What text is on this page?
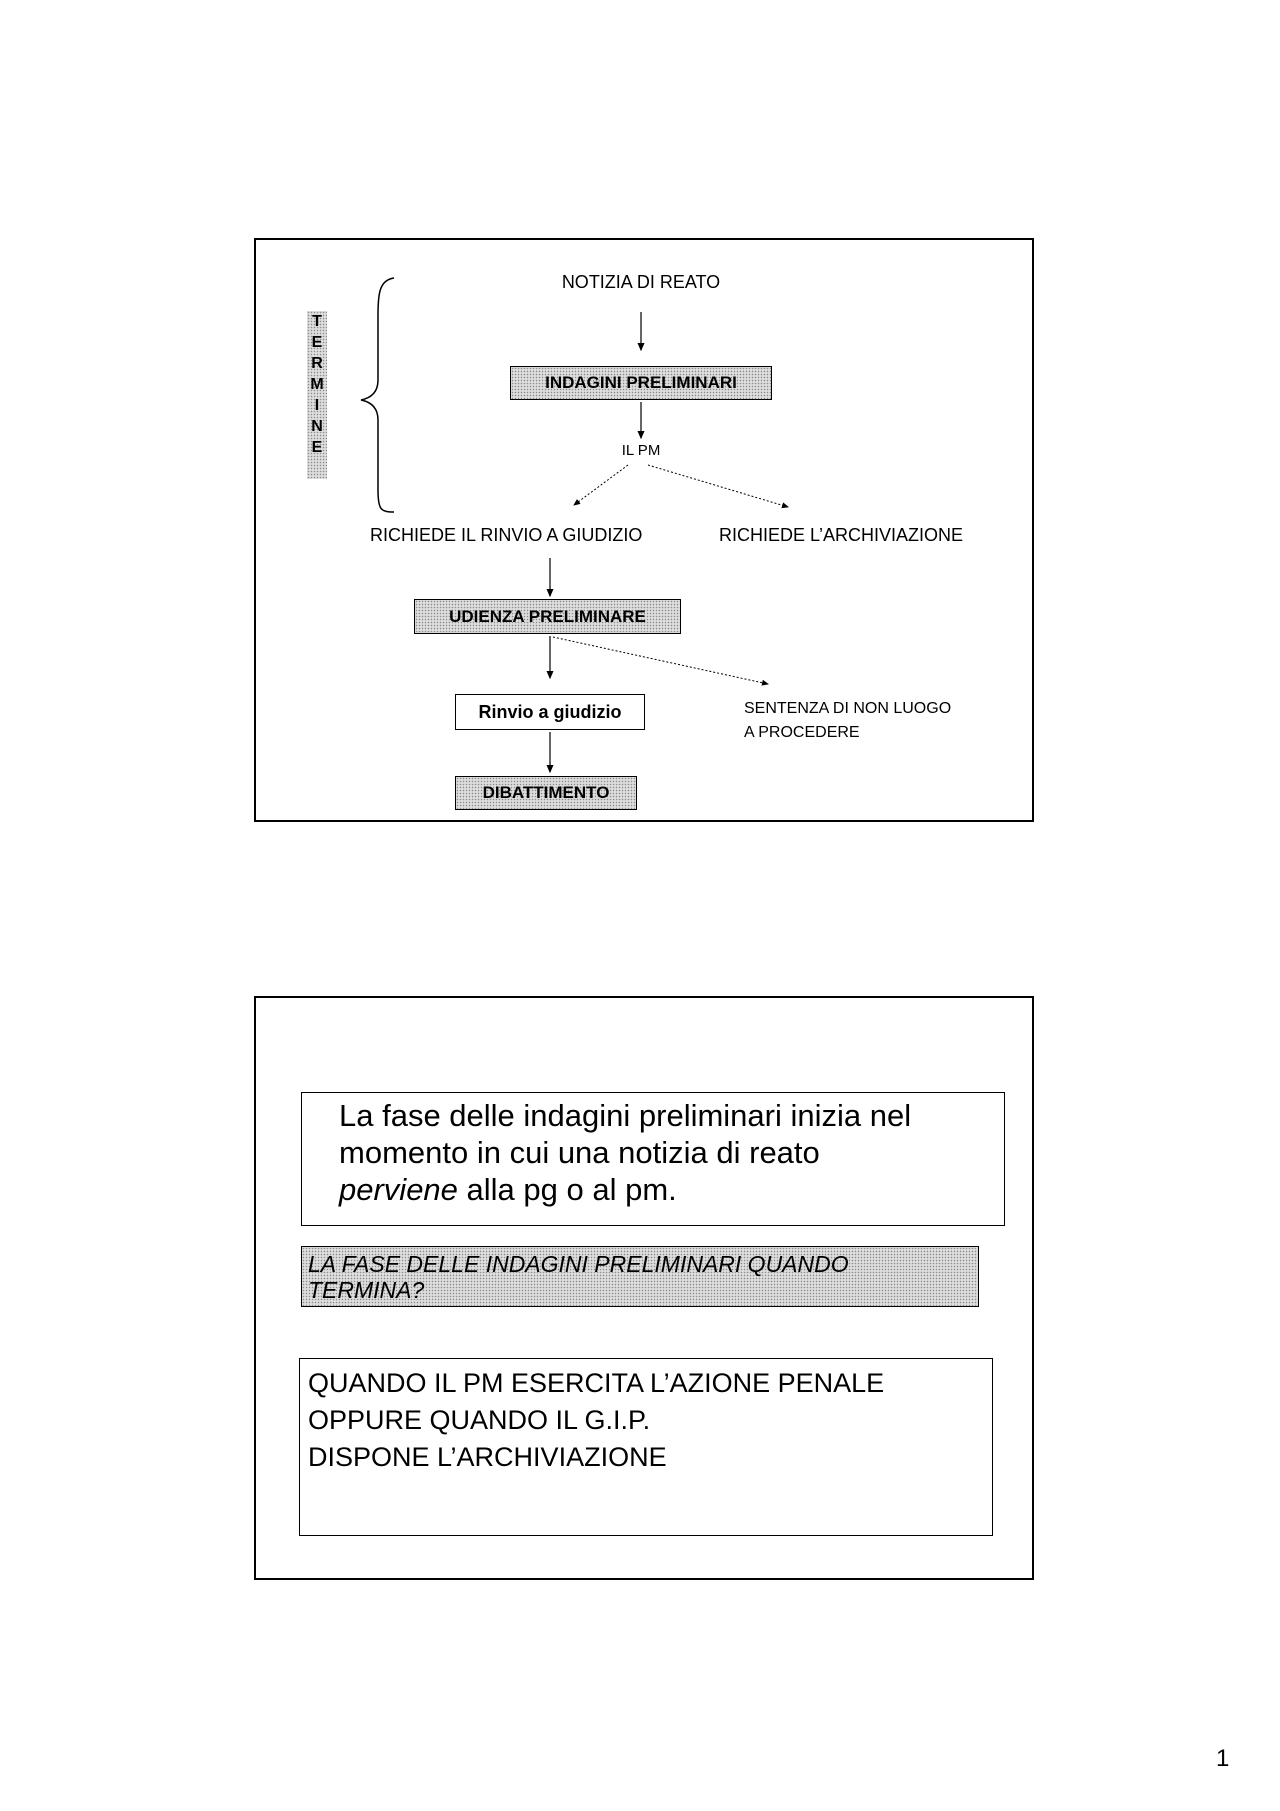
T
E
R
M
I
N
E
NOTIZIA DI REATO
INDAGINI PRELIMINARI
IL PM
RICHIEDE IL RINVIO A GIUDIZIO	RICHIEDE L’ARCHIVIAZIONE
UDIENZA PRELIMINARE
Rinvio a giudizio	SENTENZA DI NON LUOGO
A PROCEDERE
DIBATTIMENTO
La fase delle indagini preliminari inizia nel
momento in cui una notizia di reato
perviene alla pg o al pm.
LA FASE DELLE INDAGINI PRELIMINARI QUANDO
TERMINA?
QUANDO IL PM ESERCITA L’AZIONE PENALE
OPPURE QUANDO IL G.I.P.
DISPONE L’ARCHIVIAZIONE
1
